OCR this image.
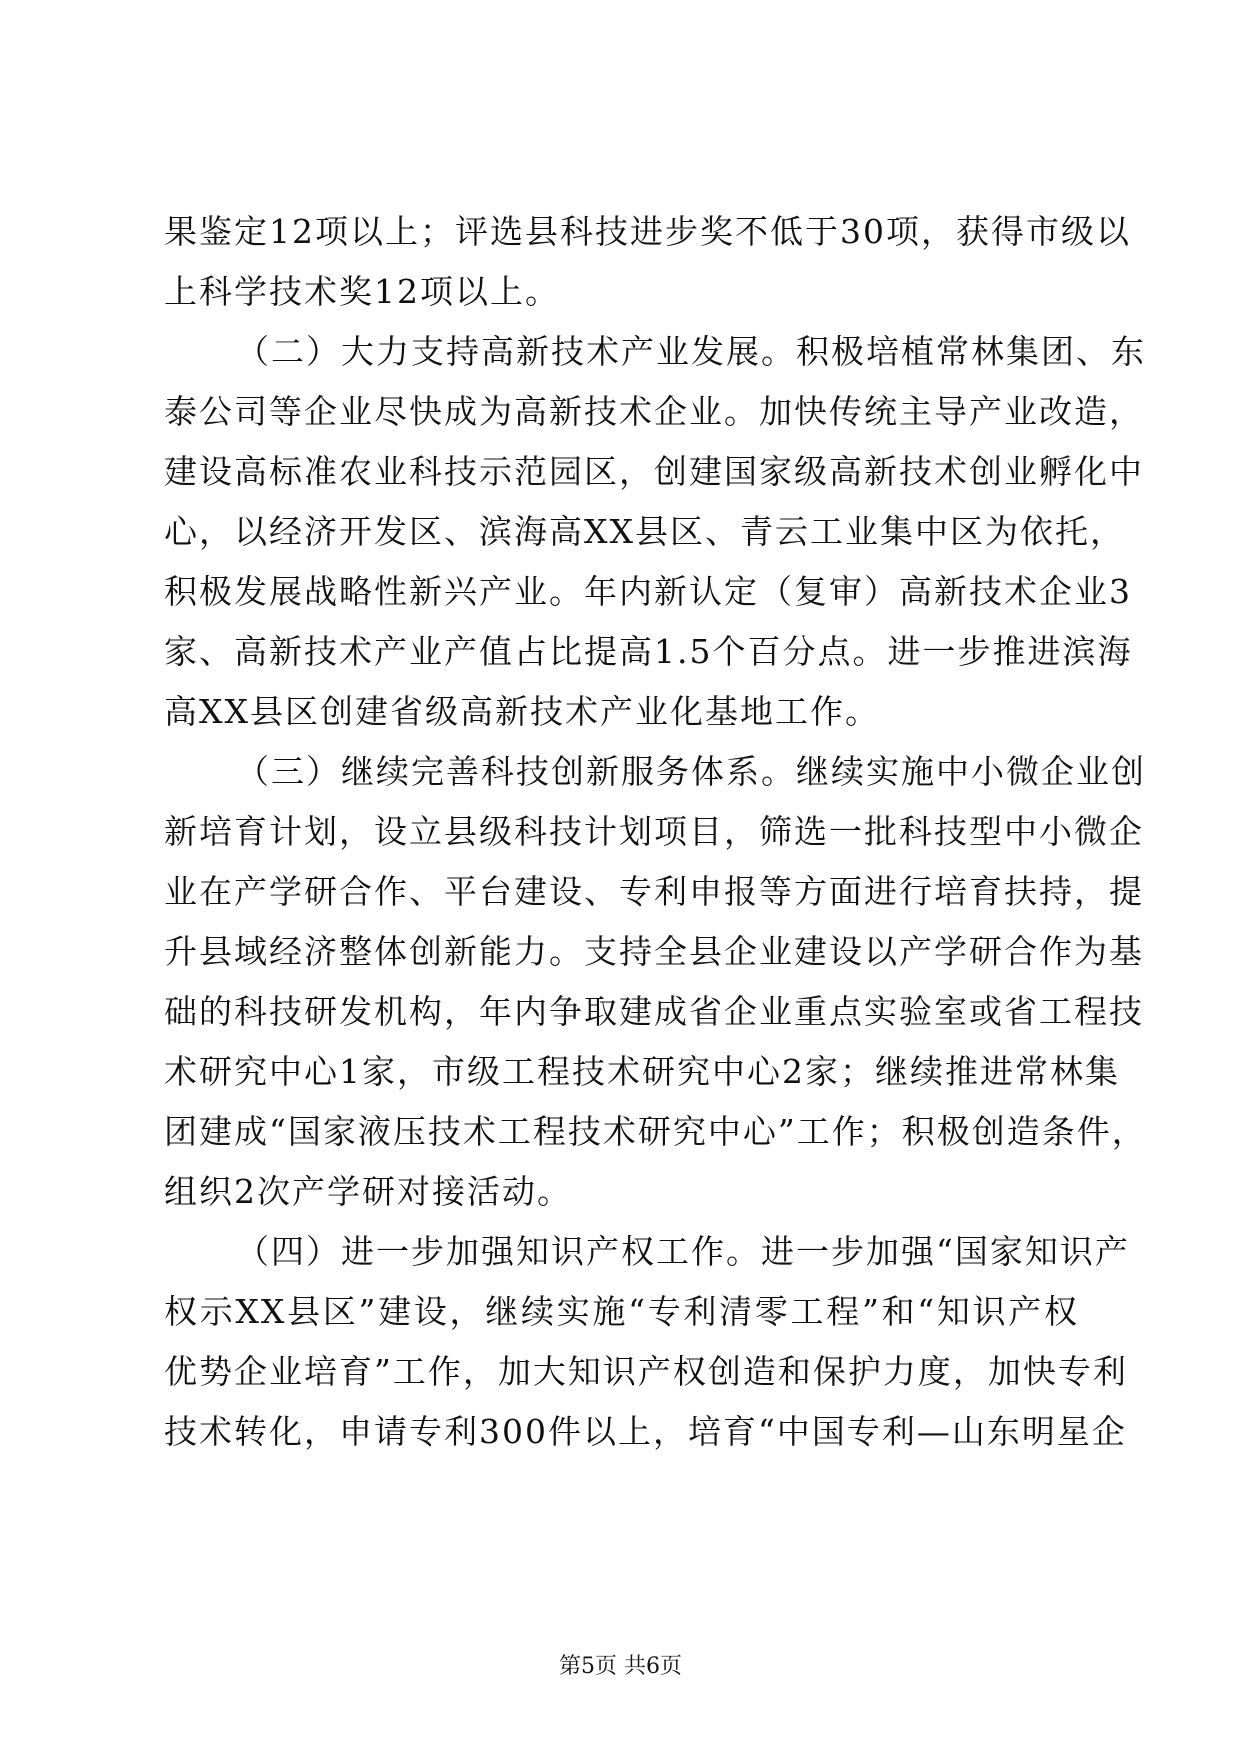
果鉴定12项以上；评选县科技进步奖不低于30项，获得市级以
上科学技术奖12项以上。
（二）大力支持高新技术产业发展。积极培植常林集团、东
泰公司等企业尽快成为高新技术企业。加快传统主导产业改造，
建设高标准农业科技示范园区，创建国家级高新技术创业孵化中
心，以经济开发区、滨海高XX县区、青云工业集中区为依托，
积极发展战略性新兴产业。年内新认定（复审）高新技术企业3
家、高新技术产业产值占比提高1.5个百分点。进一步推进滨海
高XX县区创建省级高新技术产业化基地工作。
（三）继续完善科技创新服务体系。继续实施中小微企业创
新培育计划，设立县级科技计划项目，筛选一批科技型中小微企
业在产学研合作、平台建设、专利申报等方面进行培育扶持，提
升县域经济整体创新能力。支持全县企业建设以产学研合作为基
础的科技研发机构，年内争取建成省企业重点实验室或省工程技
术研究中心1家，市级工程技术研究中心2家；继续推进常林集
团建成“国家液压技术工程技术研究中心”工作；积极创造条件，
组织2次产学研对接活动。
（四）进一步加强知识产权工作。进一步加强“国家知识产
权示XX县区”建设，继续实施“专利清零工程”和“知识产权
优势企业培育”工作，加大知识产权创造和保护力度，加快专利
技术转化，申请专利300件以上，培育“中国专利—山东明星企
第5页 共6页
